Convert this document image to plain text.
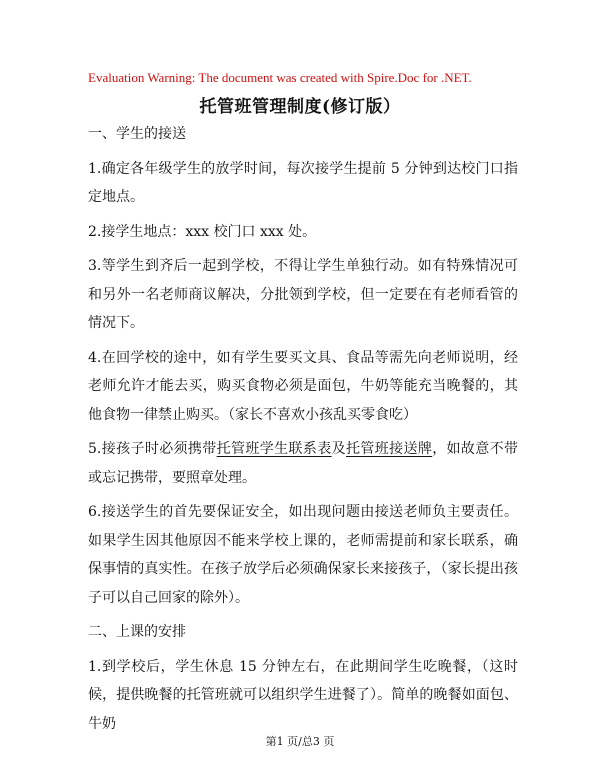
Evaluation Warning: The document was created with Spire.Doc for .NET.
托管班管理制度(修订版）
一、学生的接送
1.确定各年级学生的放学时间，每次接学生提前 5 分钟到达校门口指定地点。
2.接学生地点：xxx 校门口 xxx 处。
3.等学生到齐后一起到学校，不得让学生单独行动。如有特殊情况可和另外一名老师商议解决，分批领到学校，但一定要在有老师看管的情况下。
4.在回学校的途中，如有学生要买文具、食品等需先向老师说明，经老师允许才能去买，购买食物必须是面包，牛奶等能充当晚餐的，其他食物一律禁止购买。（家长不喜欢小孩乱买零食吃）
5.接孩子时必须携带托管班学生联系表及托管班接送牌，如故意不带或忘记携带，要照章处理。
6.接送学生的首先要保证安全，如出现问题由接送老师负主要责任。如果学生因其他原因不能来学校上课的，老师需提前和家长联系，确保事情的真实性。在孩子放学后必须确保家长来接孩子，（家长提出孩子可以自己回家的除外）。
二、上课的安排
1.到学校后，学生休息 15 分钟左右，在此期间学生吃晚餐，（这时候，提供晚餐的托管班就可以组织学生进餐了）。简单的晚餐如面包、牛奶
第1 页/总3 页
